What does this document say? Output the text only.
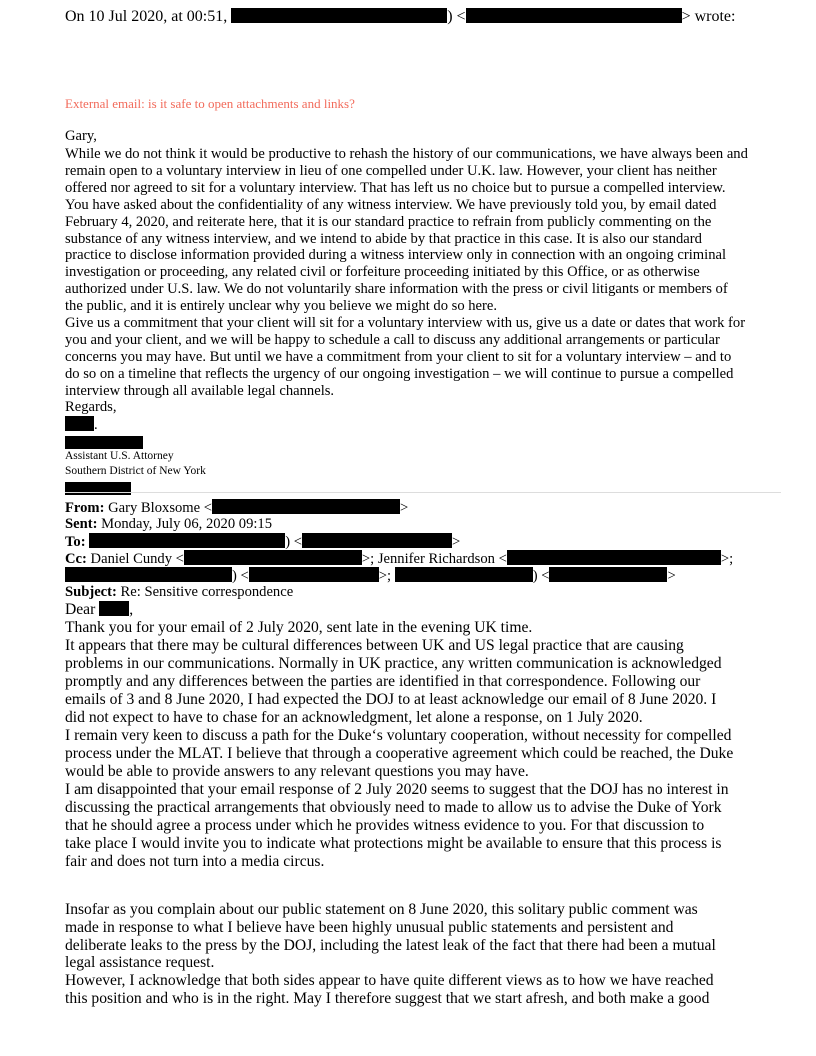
On 10 Jul 2020, at 00:51,	) <	> wrote:
External email: is it safe to open attachments and links?
Gary,
While we do not think it would be productive to rehash the history of our communications, we have always been and
remain open to a voluntary interview in lieu of one compelled under U.K. law. However, your client has neither
offered nor agreed to sit for a voluntary interview. That has left us no choice but to pursue a compelled interview.
You have asked about the confidentiality of any witness interview. We have previously told you, by email dated
February 4, 2020, and reiterate here, that it is our standard practice to refrain from publicly commenting on the
substance of any witness interview, and we intend to abide by that practice in this case. It is also our standard
practice to disclose information provided during a witness interview only in connection with an ongoing criminal
investigation or proceeding, any related civil or forfeiture proceeding initiated by this Office, or as otherwise
authorized under U.S. law. We do not voluntarily share information with the press or civil litigants or members of
the public, and it is entirely unclear why you believe we might do so here.
Give us a commitment that your client will sit for a voluntary interview with us, give us a date or dates that work for
you and your client, and we will be happy to schedule a call to discuss any additional arrangements or particular
concerns you may have. But until we have a commitment from your client to sit for a voluntary interview – and to
do so on a timeline that reflects the urgency of our ongoing investigation – we will continue to pursue a compelled
interview through all available legal channels.
Regards,
.
Assistant U.S. Attorney
Southern District of New York
From: Gary Bloxsome <	>
Sent: Monday, July 06, 2020 09:15
To:	) <	>
Cc: Daniel Cundy <	>; Jennifer Richardson <	>;
) <	>;	) <	>
Subject: Re: Sensitive correspondence
Dear ,
Thank you for your email of 2 July 2020, sent late in the evening UK time.
It appears that there may be cultural differences between UK and US legal practice that are causing
problems in our communications. Normally in UK practice, any written communication is acknowledged
promptly and any differences between the parties are identified in that correspondence. Following our
emails of 3 and 8 June 2020, I had expected the DOJ to at least acknowledge our email of 8 June 2020. I
did not expect to have to chase for an acknowledgment, let alone a response, on 1 July 2020.
I remain very keen to discuss a path for the Duke‘s voluntary cooperation, without necessity for compelled
process under the MLAT. I believe that through a cooperative agreement which could be reached, the Duke
would be able to provide answers to any relevant questions you may have.
I am disappointed that your email response of 2 July 2020 seems to suggest that the DOJ has no interest in
discussing the practical arrangements that obviously need to made to allow us to advise the Duke of York
that he should agree a process under which he provides witness evidence to you. For that discussion to
take place I would invite you to indicate what protections might be available to ensure that this process is
fair and does not turn into a media circus.
Insofar as you complain about our public statement on 8 June 2020, this solitary public comment was
made in response to what I believe have been highly unusual public statements and persistent and
deliberate leaks to the press by the DOJ, including the latest leak of the fact that there had been a mutual
legal assistance request.
However, I acknowledge that both sides appear to have quite different views as to how we have reached
this position and who is in the right. May I therefore suggest that we start afresh, and both make a good
